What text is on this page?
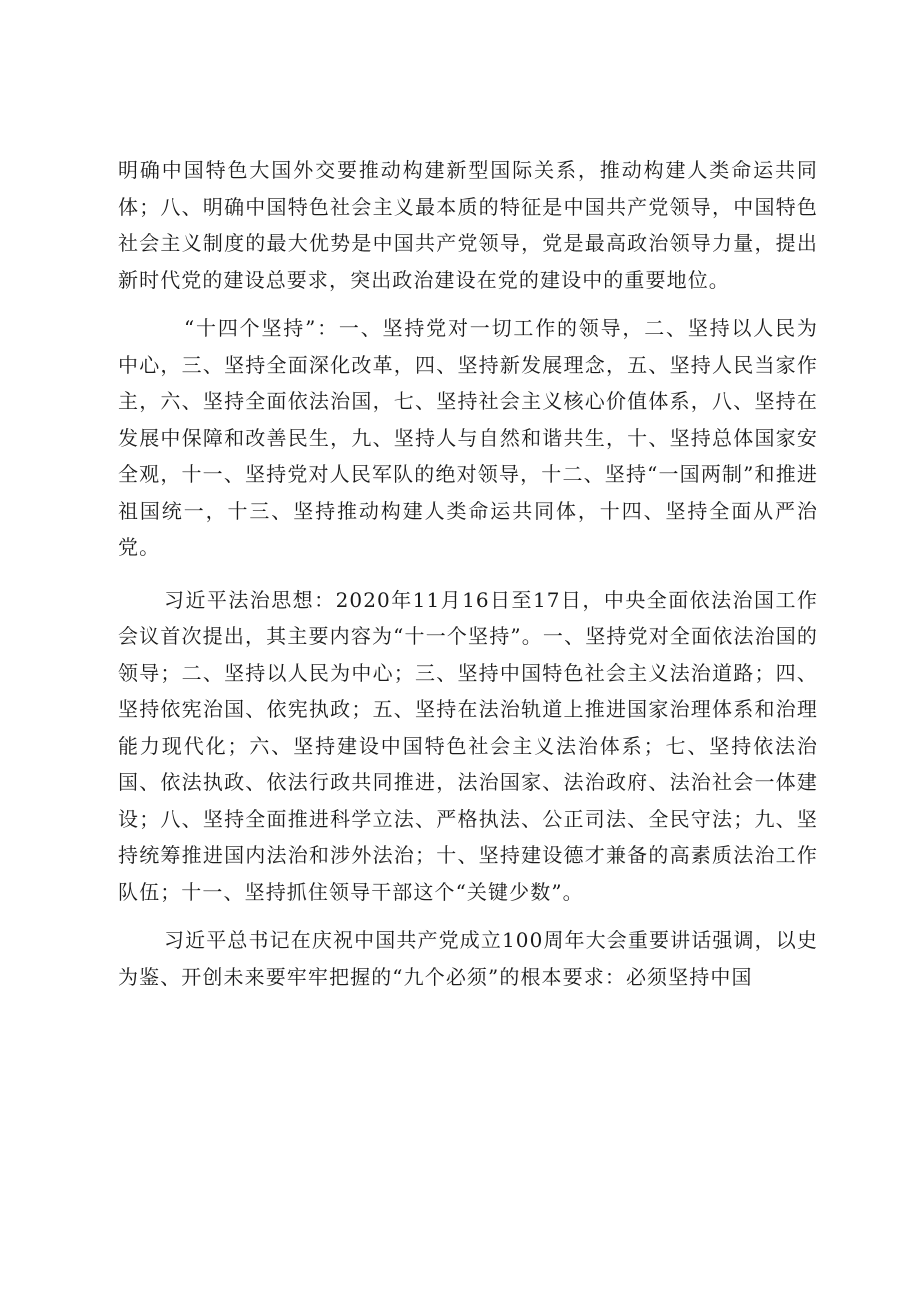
明确中国特色大国外交要推动构建新型国际关系，推动构建人类命运共同体；八、明确中国特色社会主义最本质的特征是中国共产党领导，中国特色社会主义制度的最大优势是中国共产党领导，党是最高政治领导力量，提出新时代党的建设总要求，突出政治建设在党的建设中的重要地位。

“十四个坚持”：一、坚持党对一切工作的领导，二、坚持以人民为中心，三、坚持全面深化改革，四、坚持新发展理念，五、坚持人民当家作主，六、坚持全面依法治国，七、坚持社会主义核心价值体系，八、坚持在发展中保障和改善民生，九、坚持人与自然和谐共生，十、坚持总体国家安全观，十一、坚持党对人民军队的绝对领导，十二、坚持“一国两制”和推进祖国统一，十三、坚持推动构建人类命运共同体，十四、坚持全面从严治党。

习近平法治思想：2020年11月16日至17日，中央全面依法治国工作会议首次提出，其主要内容为“十一个坚持”。一、坚持党对全面依法治国的领导；二、坚持以人民为中心；三、坚持中国特色社会主义法治道路；四、坚持依宪治国、依宪执政；五、坚持在法治轨道上推进国家治理体系和治理能力现代化；六、坚持建设中国特色社会主义法治体系；七、坚持依法治国、依法执政、依法行政共同推进，法治国家、法治政府、法治社会一体建设；八、坚持全面推进科学立法、严格执法、公正司法、全民守法；九、坚持统筹推进国内法治和涉外法治；十、坚持建设德才兼备的高素质法治工作队伍；十一、坚持抓住领导干部这个“关键少数”。

习近平总书记在庆祝中国共产党成立100周年大会重要讲话强调，以史为鉴、开创未来要牢牢把握的“九个必须”的根本要求：必须坚持中国
